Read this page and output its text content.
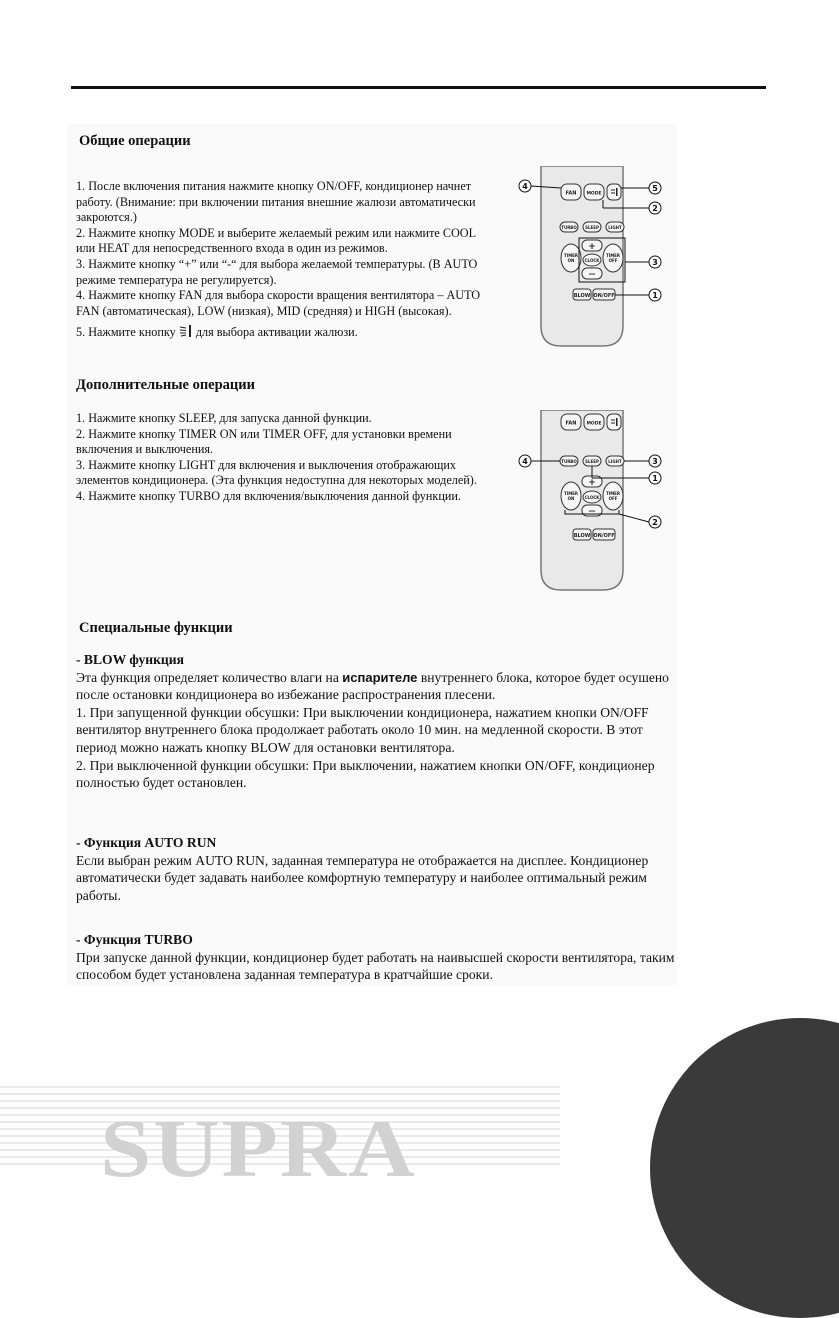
Общие операции

1. После включения питания нажмите кнопку ON/OFF, кондиционер начнет работу. (Внимание: при включении питания внешние жалюзи автоматически закроются.)

2. Нажмите кнопку MODE и выберите желаемый режим или нажмите COOL или HEAT для непосредственного входа в один из режимов.

3. Нажмите кнопку “+” или “-“ для выбора желаемой температуры. (В AUTO режиме температура не регулируется).

4. Нажмите кнопку FAN для выбора скорости вращения вентилятора – AUTO FAN (автоматическая), LOW (низкая), MID (средняя) и HIGH (высокая).

5. Нажмите кнопку для выбора активации жалюзи.

FAN MODE
TURBO SLEEP LIGHT
+
TIMER
ON	CLOCK
TIMER
OFF
—
BLOW ON/OFF
4	5
2
3
1
Дополнительные операции

1. Нажмите кнопку SLEEP, для запуска данной функции.

2. Нажмите кнопку TIMER ON или TIMER OFF, для установки времени включения и выключения.

3. Нажмите кнопку LIGHT для включения и выключения отображающих элементов кондиционера. (Эта функция недоступна для некоторых моделей).

4. Нажмите кнопку TURBO для включения/выключения данной функции.

FAN MODE
TURBO SLEEP LIGHT
+
TIMER
ON	CLOCK
TIMER
OFF
—
BLOW ON/OFF
4	3
1
2
Специальные функции

- BLOW функция

Эта функция определяет количество влаги на испарителе внутреннего блока, которое будет осушено после остановки кондиционера во избежание распространения плесени.

1. При запущенной функции обсушки: При выключении кондиционера, нажатием кнопки ON/OFF вентилятор внутреннего блока продолжает работать около 10 мин. на медленной скорости. В этот период можно нажать кнопку BLOW для остановки вентилятора.

2. При выключенной функции обсушки: При выключении, нажатием кнопки ON/OFF, кондиционер полностью будет остановлен.

- Функция AUTO RUN

Если выбран режим AUTO RUN, заданная температура не отображается на дисплее. Кондиционер автоматически будет задавать наиболее комфортную температуру и наиболее оптимальный режим работы.

- Функция TURBO

При запуске данной функции, кондиционер будет работать на наивысшей скорости вентилятора, таким способом будет установлена заданная температура в кратчайшие сроки.

SUPRA
